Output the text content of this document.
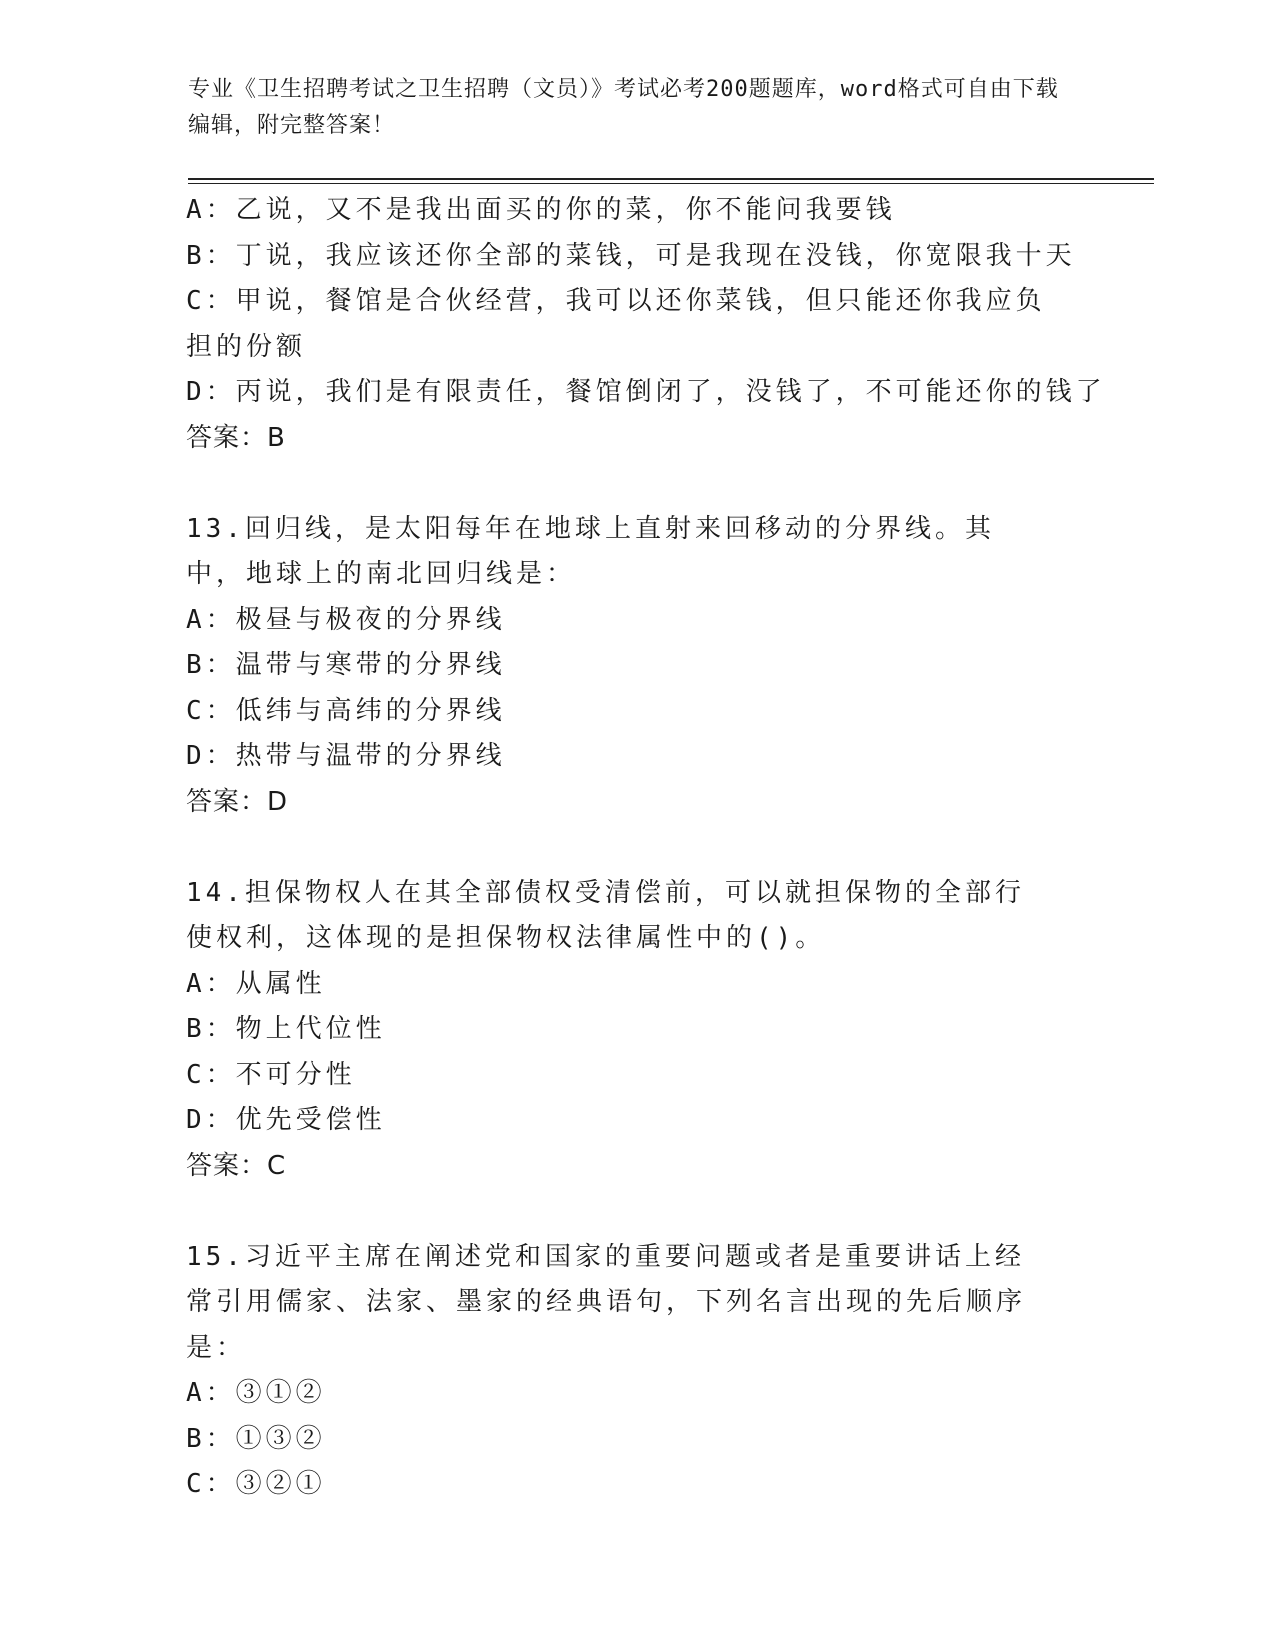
专业《卫生招聘考试之卫生招聘（文员）》考试必考200题题库，word格式可自由下载编辑，附完整答案！
A：乙说，又不是我出面买的你的菜，你不能问我要钱
B：丁说，我应该还你全部的菜钱，可是我现在没钱，你宽限我十天
C：甲说，餐馆是合伙经营，我可以还你菜钱，但只能还你我应负担的份额
D：丙说，我们是有限责任，餐馆倒闭了，没钱了，不可能还你的钱了
答案：B
13.回归线，是太阳每年在地球上直射来回移动的分界线。其中，地球上的南北回归线是：
A：极昼与极夜的分界线
B：温带与寒带的分界线
C：低纬与高纬的分界线
D：热带与温带的分界线
答案：D
14.担保物权人在其全部债权受清偿前，可以就担保物的全部行使权利，这体现的是担保物权法律属性中的()。
A：从属性
B：物上代位性
C：不可分性
D：优先受偿性
答案：C
15.习近平主席在阐述党和国家的重要问题或者是重要讲话上经常引用儒家、法家、墨家的经典语句，下列名言出现的先后顺序是：
A：③①②
B：①③②
C：③②①
